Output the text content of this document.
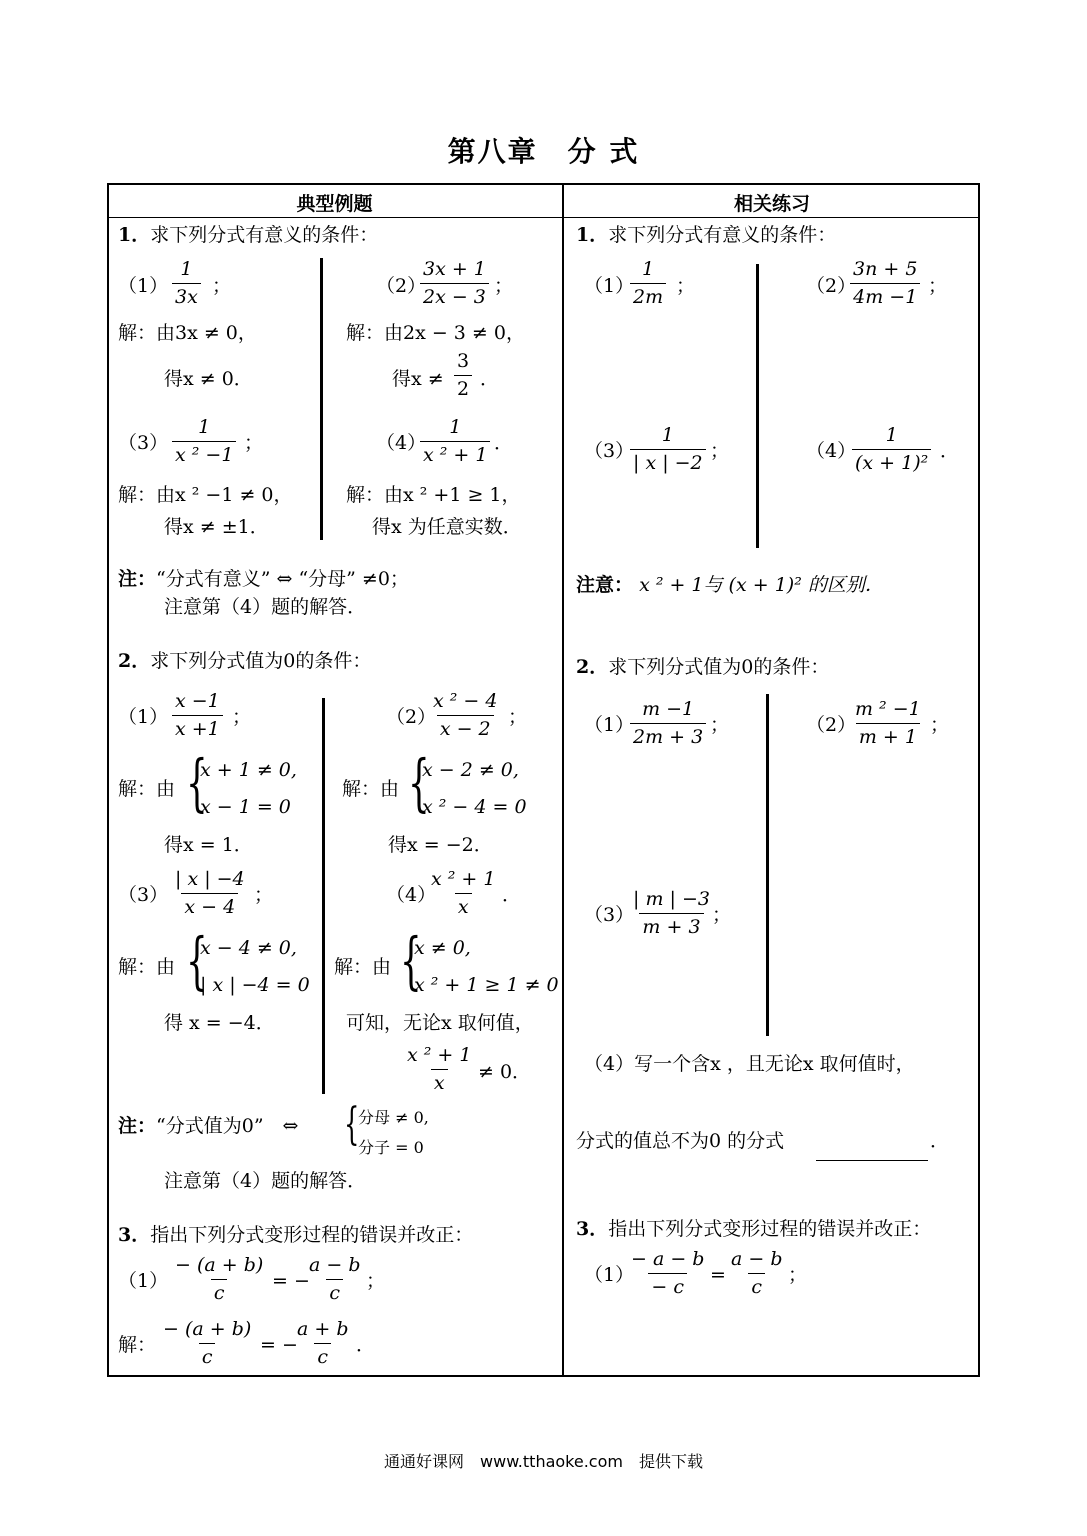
第八章　分 式
典型例题	相关练习
1．求下列分式有意义的条件：
$(1) \frac{1}{3x}$ ；
解：由3x ≠ 0，
得x ≠ 0．
（2）
$\frac{3x + 1}{2x - 3}$ ；
解：由2x − 3 ≠ 0，
得$x \ne \frac{3}{2}$ ．
$(3) \frac{1}{\text{x ² −1}}$ ；
解：由x ² −1 ≠ 0，
得x ≠ ±1．
（4）
$\frac{1}{\text{x ² + 1}}$ ．
解：由x ² +1 ≥ 1，
得x 为任意实数．
注：“分式有意义” ⇔ “分母” ≠0；
注意第（4）题的解答．
2．求下列分式值为0的条件：
$(1) \frac{x -1}{x +1}$ ；
解：由 {
x + 1 ≠ 0,
x − 1 = 0
得x = 1．
（2）
$\frac{\text{x ² − 4}}{x - 2}$ ；
解：由 {
x − 2 ≠ 0,
x ² − 4 = 0
得x = −2．
$(3) \frac{| x | -4}{x - 4}$ ；
解：由 {
x − 4 ≠ 0,
| x | −4 = 0
得 x = −4．
（4）
$\frac{\text{x ² + 1}}{x}$ ．
解：由 {
x ≠ 0,
x ² + 1 ≥ 1 ≠ 0
可知，无论x 取何值，
$\frac{\text{x ² + 1}}{x} \ne 0$．
注：“分式值为0”　⇔ {
分母 ≠ 0,
分子 = 0
注意第（4）题的解答．
3．指出下列分式变形过程的错误并改正：
$(1) \frac{- (a + b)}{c}$ = −
$\frac{a - b}{c}$ ；
解： $\frac{- (a + b)}{c}$ = −
$\frac{a + b}{c}$ ．
1．求下列分式有意义的条件：
（1）
$\frac{1}{2m}$ ；	（2）
$\frac{3n + 5}{4m -1}$ ；
（3）
$\frac{1}{| x | -2}$ ；	（4）
$\frac{1}{\text{(x + 1)²}}$ ．
注意： x ² + 1与 (x + 1)² 的区别．
2．求下列分式值为0的条件：
（1）
$\frac{m -1}{2m + 3}$ ；	（2）
$\frac{\text{m ² −1}}{m + 1}$ ；
（3）
$\frac{| m | -3}{m + 3}$ ；
（4）写一个含x ，且无论x 取何值时，
分式的值总不为0 的分式	．
3．指出下列分式变形过程的错误并改正：
（1）
$\frac{- a - b}{- c} = \frac{a - b}{c}$ ；
通通好课网　www.tthaoke.com　提供下载
